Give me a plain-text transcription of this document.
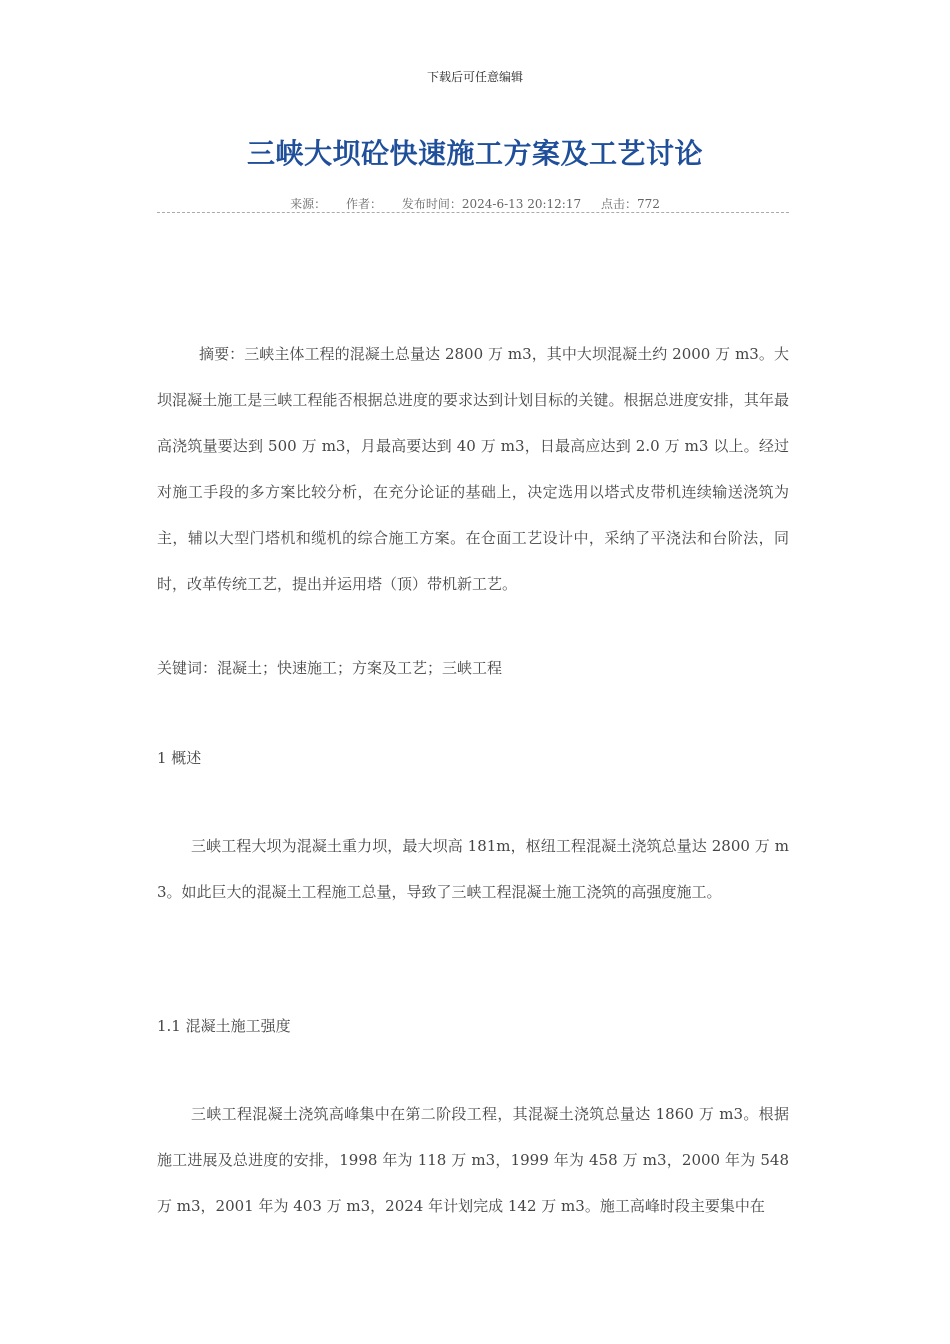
下载后可任意编辑
三峡大坝砼快速施工方案及工艺讨论
来源： 作者： 发布时间：2024-6-13 20:12:17 点击：772
摘要：三峡主体工程的混凝土总量达 2800 万 m3，其中大坝混凝土约 2000 万 m3。大坝混凝土施工是三峡工程能否根据总进度的要求达到计划目标的关键。根据总进度安排，其年最高浇筑量要达到 500 万 m3，月最高要达到 40 万 m3，日最高应达到 2.0 万 m3 以上。经过对施工手段的多方案比较分析，在充分论证的基础上，决定选用以塔式皮带机连续输送浇筑为主，辅以大型门塔机和缆机的综合施工方案。在仓面工艺设计中，采纳了平浇法和台阶法，同时，改革传统工艺，提出并运用塔（顶）带机新工艺。
关键词：混凝土；快速施工；方案及工艺；三峡工程
1 概述
三峡工程大坝为混凝土重力坝，最大坝高 181m，枢纽工程混凝土浇筑总量达 2800 万 m3。如此巨大的混凝土工程施工总量，导致了三峡工程混凝土施工浇筑的高强度施工。
1.1 混凝土施工强度
三峡工程混凝土浇筑高峰集中在第二阶段工程，其混凝土浇筑总量达 1860 万 m3。根据施工进展及总进度的安排，1998 年为 118 万 m3，1999 年为 458 万 m3，2000 年为 548 万 m3，2001 年为 403 万 m3，2024 年计划完成 142 万 m3。施工高峰时段主要集中在
